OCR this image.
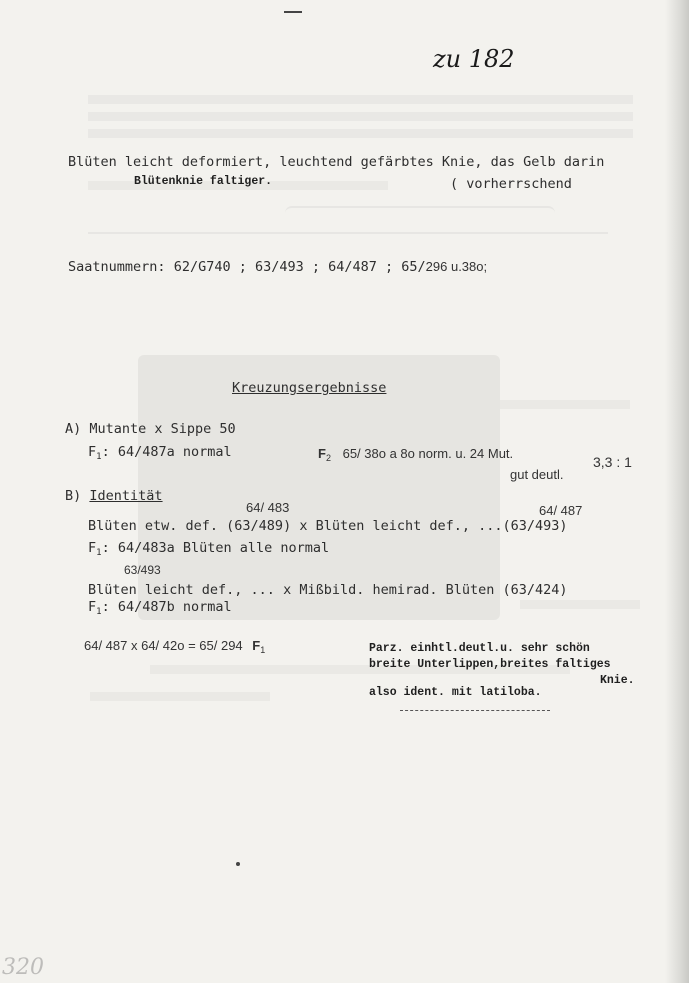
zu 182
Blüten leicht deformiert, leuchtend gefärbtes Knie, das Gelb darin
Blütenknie faltiger.	( vorherrschend
Saatnummern: 62/G740 ; 63/493 ; 64/487 ; 65/296 u.38o;
Kreuzungsergebnisse
A) Mutante x Sippe 50
$F_1$: 64/487a normal	$F_2$ 65/ 38o a 8o norm. u. 24 Mut.
3,3 : 1
gut deutl.
B) Identität
64/ 483	64/ 487
Blüten etw. def. (63/489) x Blüten leicht def., ...(63/493)
$F_1$: 64/483a Blüten alle normal
63/493
Blüten leicht def., ... x Mißbild. hemirad. Blüten (63/424)
$F_1$: 64/487b normal
64/ 487 x 64/ 42o = 65/ 294 $F_1$	Parz. einhtl.deutl.u. sehr schön
breite Unterlippen,breites faltiges
Knie.
also ident. mit latiloba.
320
